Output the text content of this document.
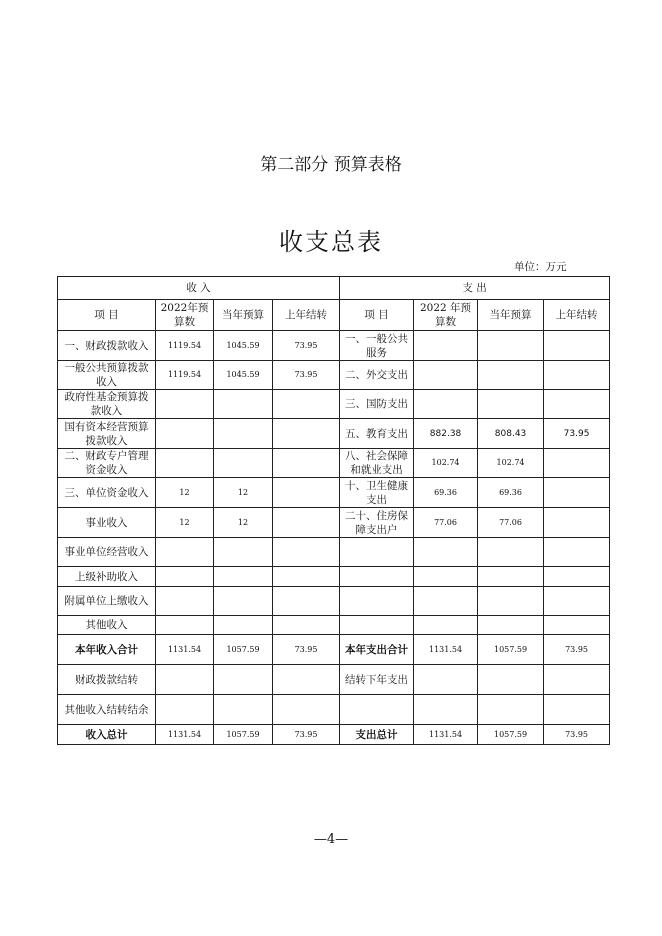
第二部分 预算表格
收支总表
单位：万元
收 入				支 出			
项 目	2022年预算数	当年预算	上年结转	项 目	2022 年预算数	当年预算	上年结转
一、财政拨款收入	1119.54	1045.59	73.95	一、一般公共服务			
一般公共预算拨款收入	1119.54	1045.59	73.95	二、外交支出			
政府性基金预算拨款收入				三、国防支出			
国有资本经营预算拨款收入				五、教育支出	882.38	808.43	73.95
二、财政专户管理资金收入				八、社会保障和就业支出	102.74	102.74	
三、单位资金收入	12	12		十、卫生健康支出	69.36	69.36	
事业收入	12	12		二十、住房保障支出户	77.06	77.06	
事业单位经营收入							
上级补助收入							
附属单位上缴收入							
其他收入							
本年收入合计	1131.54	1057.59	73.95	本年支出合计	1131.54	1057.59	73.95
财政拨款结转				结转下年支出			
其他收入结转结余							
收入总计	1131.54	1057.59	73.95	支出总计	1131.54	1057.59	73.95
—4—
